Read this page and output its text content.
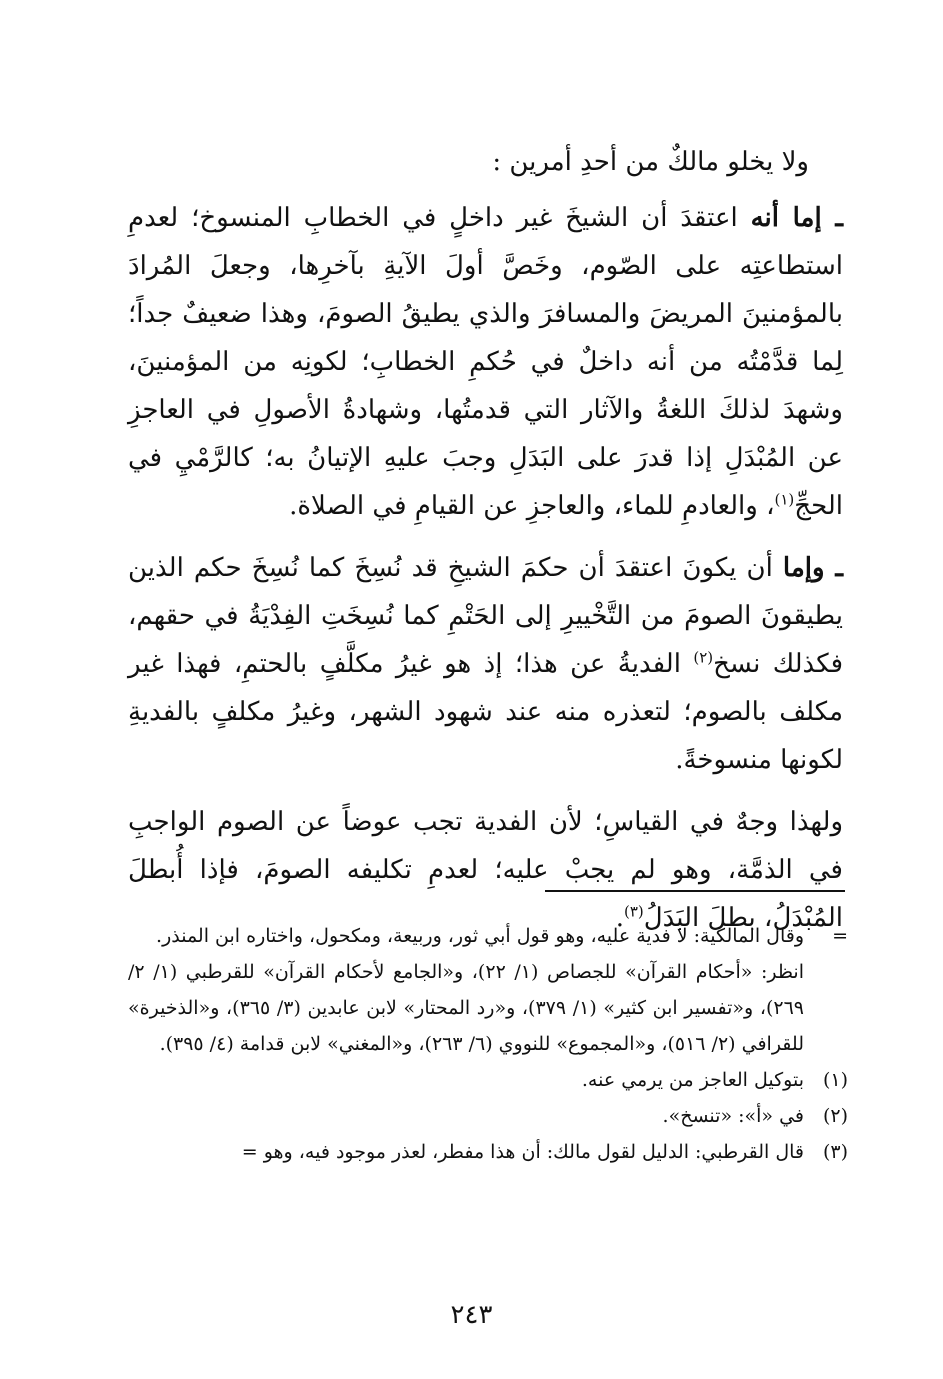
ولا يخلو مالكٌ من أحدِ أمرين :

ـ إما أنه اعتقدَ أن الشيخَ غير داخلٍ في الخطابِ المنسوخ؛ لعدمِ استطاعتِه على الصّوم، وخَصَّ أولَ الآيةِ بآخرِها، وجعلَ المُرادَ بالمؤمنينَ المريضَ والمسافرَ والذي يطيقُ الصومَ، وهذا ضعيفٌ جداً؛ لِما قدَّمْتُه من أنه داخلٌ في حُكمِ الخطابِ؛ لكونِه من المؤمنينَ، وشهدَ لذلكَ اللغةُ والآثار التي قدمتُها، وشهادةُ الأصولِ في العاجزِ عن المُبْدَلِ إذا قدرَ على البَدَلِ وجبَ عليهِ الإتيانُ به؛ كالرَّمْيِ في الحجِّ$^{(١)}$، والعادمِ للماء، والعاجزِ عن القيامِ في الصلاة.

ـ وإما أن يكونَ اعتقدَ أن حكمَ الشيخِ قد نُسِخَ كما نُسِخَ حكم الذين يطيقونَ الصومَ من التَّخْييرِ إلى الحَتْمِ كما نُسِخَتِ الفِدْيَةُ في حقهم، فكذلك نسخ$^{(٢)}$ الفديةُ عن هذا؛ إذ هو غيرُ مكلَّفٍ بالحتمِ، فهذا غير مكلف بالصوم؛ لتعذره منه عند شهود الشهر، وغيرُ مكلفٍ بالفديةِ لكونها منسوخةً.

ولهذا وجهٌ في القياسِ؛ لأن الفدية تجب عوضاً عن الصوم الواجبِ في الذمَّة، وهو لم يجبْ عليه؛ لعدمِ تكليفه الصومَ، فإذا أُبطلَ المُبْدَلُ، بطلَ البَدَلُ$^{(٣)}$.

=
وقال المالكية: لا فدية عليه، وهو قول أبي ثور، وربيعة، ومكحول، واختاره ابن المنذر.
انظر: «أحكام القرآن» للجصاص (١/ ٢٢)، و«الجامع لأحكام القرآن» للقرطبي (١/ ٢/ ٢٦٩)، و«تفسير ابن كثير» (١/ ٣٧٩)، و«رد المحتار» لابن عابدين (٣/ ٣٦٥)، و«الذخيرة» للقرافي (٢/ ٥١٦)، و«المجموع» للنووي (٦/ ٢٦٣)، و«المغني» لابن قدامة (٤/ ٣٩٥).
(١)
بتوكيل العاجز من يرمي عنه.
(٢)
في «أ»: «تنسخ».
(٣)
قال القرطبي: الدليل لقول مالك: أن هذا مفطر، لعذر موجود فيه، وهو =
٢٤٣
